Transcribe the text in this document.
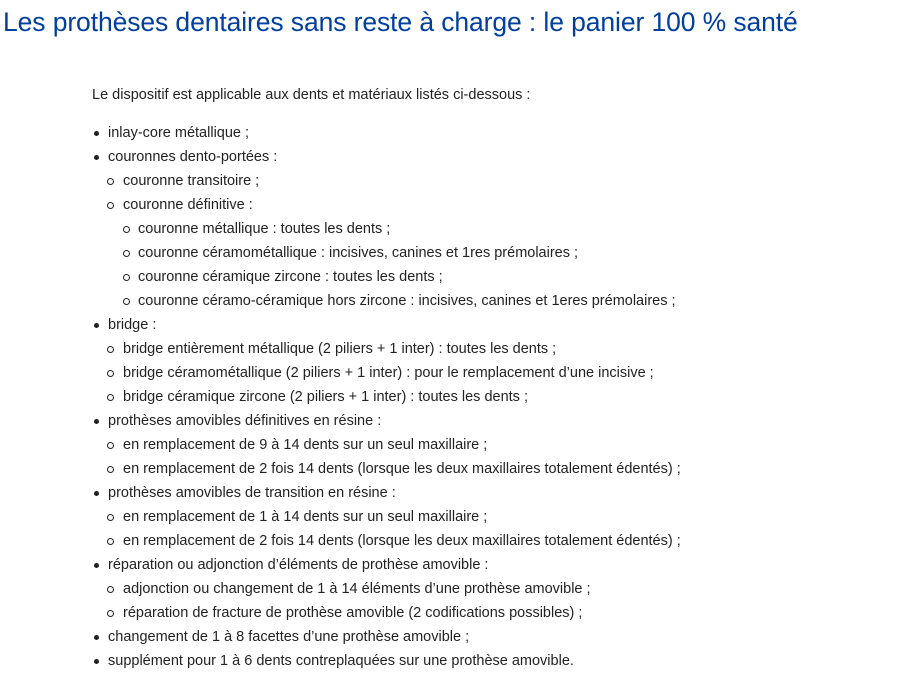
Les prothèses dentaires sans reste à charge : le panier 100 % santé

Le dispositif est applicable aux dents et matériaux listés ci-dessous :

inlay-core métallique ;
couronnes dento-portées :
couronne transitoire ;
couronne définitive :
couronne métallique : toutes les dents ;
couronne céramométallique : incisives, canines et 1res prémolaires ;
couronne céramique zircone : toutes les dents ;
couronne céramo-céramique hors zircone : incisives, canines et 1eres prémolaires ;
bridge :
bridge entièrement métallique (2 piliers + 1 inter) : toutes les dents ;
bridge céramométallique (2 piliers + 1 inter) : pour le remplacement d’une incisive ;
bridge céramique zircone (2 piliers + 1 inter) : toutes les dents ;
prothèses amovibles définitives en résine :
en remplacement de 9 à 14 dents sur un seul maxillaire ;
en remplacement de 2 fois 14 dents (lorsque les deux maxillaires totalement édentés) ;
prothèses amovibles de transition en résine :
en remplacement de 1 à 14 dents sur un seul maxillaire ;
en remplacement de 2 fois 14 dents (lorsque les deux maxillaires totalement édentés) ;
réparation ou adjonction d’éléments de prothèse amovible :
adjonction ou changement de 1 à 14 éléments d’une prothèse amovible ;
réparation de fracture de prothèse amovible (2 codifications possibles) ;
changement de 1 à 8 facettes d’une prothèse amovible ;
supplément pour 1 à 6 dents contreplaquées sur une prothèse amovible.
